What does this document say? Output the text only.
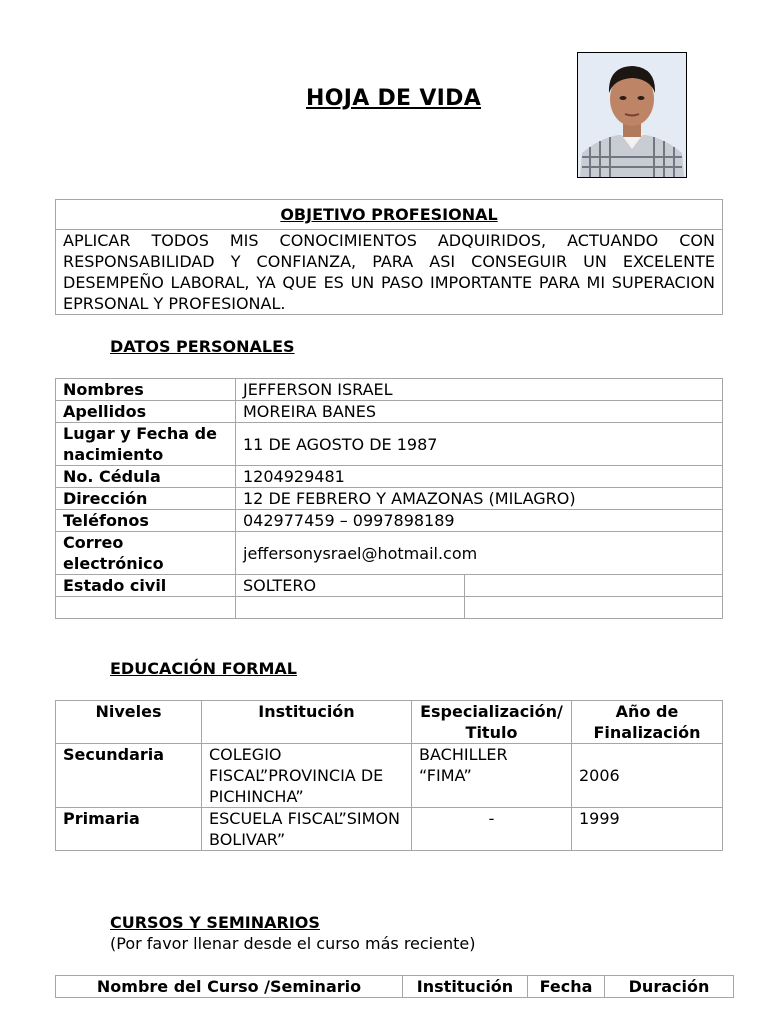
HOJA DE VIDA
OBJETIVO PROFESIONAL
APLICAR TODOS MIS CONOCIMIENTOS ADQUIRIDOS, ACTUANDO CON RESPONSABILIDAD Y CONFIANZA, PARA ASI CONSEGUIR UN EXCELENTE DESEMPEÑO LABORAL, YA QUE ES UN PASO IMPORTANTE PARA MI SUPERACION EPRSONAL Y PROFESIONAL.
DATOS PERSONALES
Nombres	JEFFERSON ISRAEL	
Apellidos	MOREIRA BANES	
Lugar y Fecha de nacimiento	11 DE AGOSTO DE 1987	
No. Cédula	1204929481	
Dirección	12 DE FEBRERO Y AMAZONAS (MILAGRO)	
Teléfonos	042977459 – 0997898189	
Correo electrónico	jeffersonysrael@hotmail.com	
Estado civil	SOLTERO	

EDUCACIÓN FORMAL
Niveles	Institución	Especialización/ Titulo	Año de Finalización
Secundaria	COLEGIO FISCAL”PROVINCIA DE PICHINCHA”	BACHILLER “FIMA”	2006
Primaria	ESCUELA FISCAL”SIMON BOLIVAR”	-	1999
CURSOS Y SEMINARIOS
(Por favor llenar desde el curso más reciente)
Nombre del Curso /Seminario	Institución	Fecha	Duración
